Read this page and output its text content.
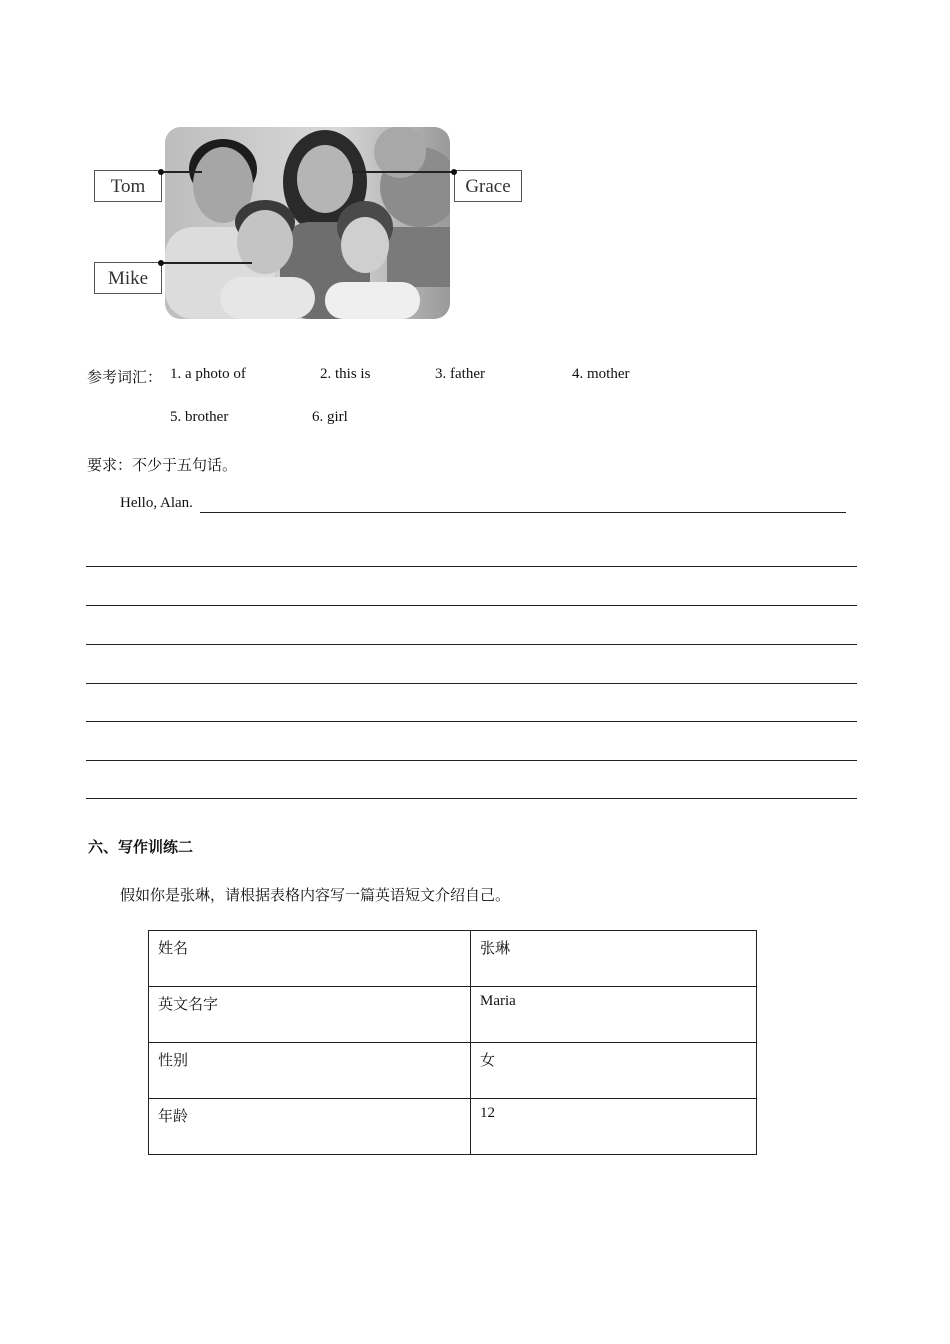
Tom	Grace
Mike
参考词汇： 1. a photo of	2. this is	3. father	4. mother
5. brother	6. girl
要求：不少于五句话。
Hello, Alan.
六、写作训练二
假如你是张琳，请根据表格内容写一篇英语短文介绍自己。
姓名	张琳
英文名字	Maria
性别	女
年龄	12
